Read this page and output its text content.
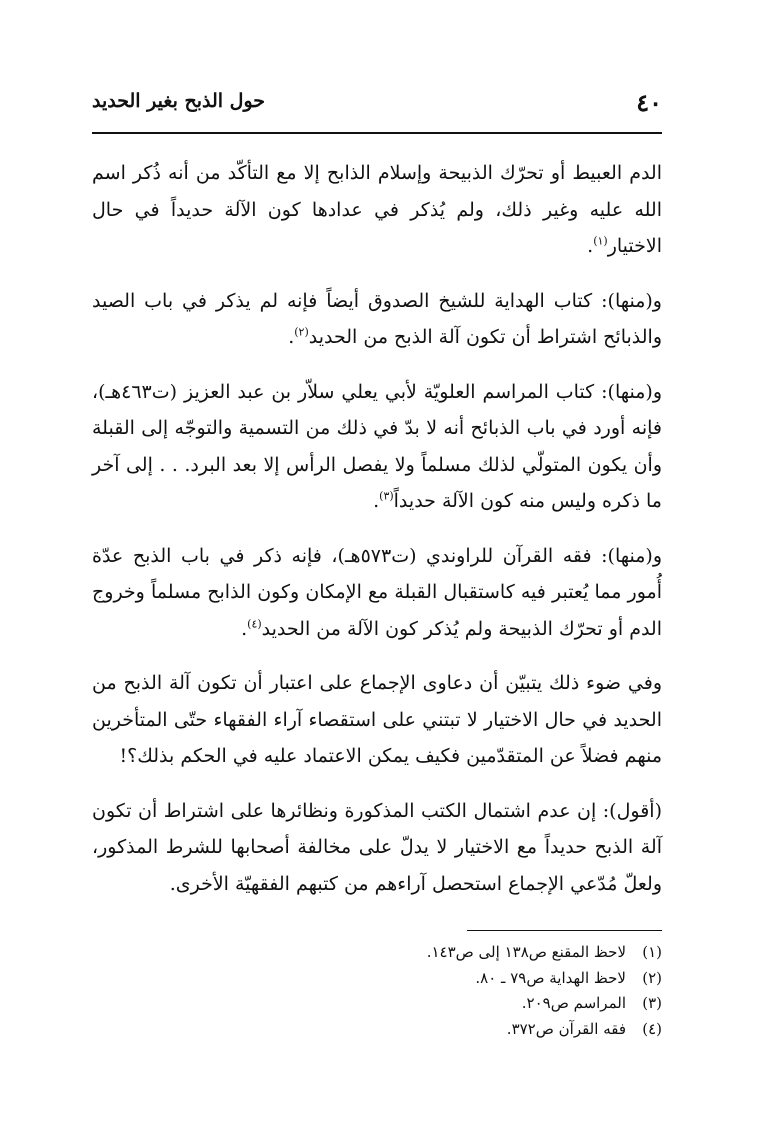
٤٠
حول الذبح بغير الحديد

الدم العبيط أو تحرّك الذبيحة وإسلام الذابح إلا مع التأكّد من أنه ذُكر اسم الله عليه وغير ذلك، ولم يُذكر في عدادها كون الآلة حديداً في حال الاختيار$^{(١)}$.

و(منها): كتاب الهداية للشيخ الصدوق أيضاً فإنه لم يذكر في باب الصيد والذبائح اشتراط أن تكون آلة الذبح من الحديد$^{(٢)}$.

و(منها): كتاب المراسم العلويّة لأبي يعلي سلاّر بن عبد العزيز (ت٤٦٣هـ)، فإنه أورد في باب الذبائح أنه لا بدّ في ذلك من التسمية والتوجّه إلى القبلة وأن يكون المتولّي لذلك مسلماً ولا يفصل الرأس إلا بعد البرد. . . إلى آخر ما ذكره وليس منه كون الآلة حديداً$^{(٣)}$.

و(منها): فقه القرآن للراوندي (ت٥٧٣هـ)، فإنه ذكر في باب الذبح عدّة أُمور مما يُعتبر فيه كاستقبال القبلة مع الإمكان وكون الذابح مسلماً وخروج الدم أو تحرّك الذبيحة ولم يُذكر كون الآلة من الحديد$^{(٤)}$.

وفي ضوء ذلك يتبيّن أن دعاوى الإجماع على اعتبار أن تكون آلة الذبح من الحديد في حال الاختيار لا تبتني على استقصاء آراء الفقهاء حتّى المتأخرين منهم فضلاً عن المتقدّمين فكيف يمكن الاعتماد عليه في الحكم بذلك؟!

(أقول): إن عدم اشتمال الكتب المذكورة ونظائرها على اشتراط أن تكون آلة الذبح حديداً مع الاختيار لا يدلّ على مخالفة أصحابها للشرط المذكور، ولعلّ مُدّعي الإجماع استحصل آراءهم من كتبهم الفقهيّة الأخرى.

(١)
لاحظ المقنع ص١٣٨ إلى ص١٤٣.
(٢)
لاحظ الهداية ص٧٩ ـ ٨٠.
(٣)
المراسم ص٢٠٩.
(٤)
فقه القرآن ص٣٧٢.
